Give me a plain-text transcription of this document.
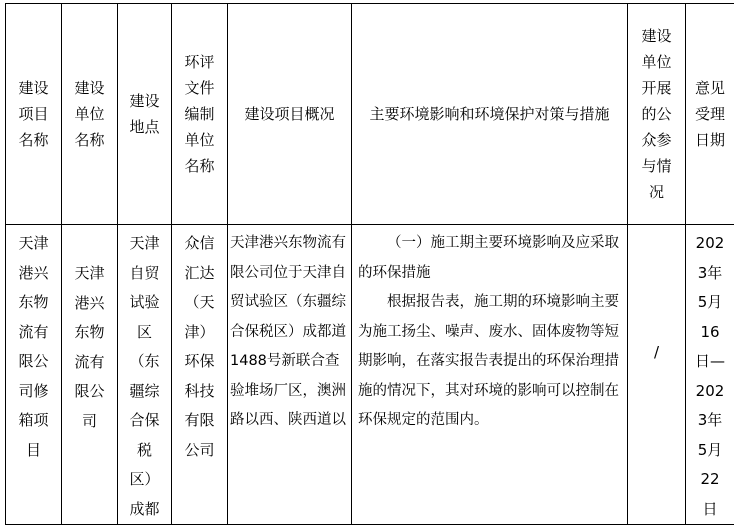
建设项目名称	建设单位名称	建设地点	环评文件编制单位名称	建设项目概况	主要环境影响和环境保护对策与措施	建设单位开展的公众参与情况	意见受理日期

天津港兴东物流有限公司修箱项目	天津港兴东物流有限公司	天津自贸试验区（东疆综合保税区）成都	众信汇达（天津）环保科技有限公司	天津港兴东物流有限公司位于天津自贸试验区（东疆综合保税区）成都道1488号新联合查验堆场厂区，澳洲路以西、陕西道以	（一）施工期主要环境影响及应采取的环保措施

根据报告表，施工期的环境影响主要为施工扬尘、噪声、废水、固体废物等短期影响，在落实报告表提出的环保治理措施的情况下，其对环境的影响可以控制在环保规定的范围内。	/	2023年5月16日—2023年5月22日
